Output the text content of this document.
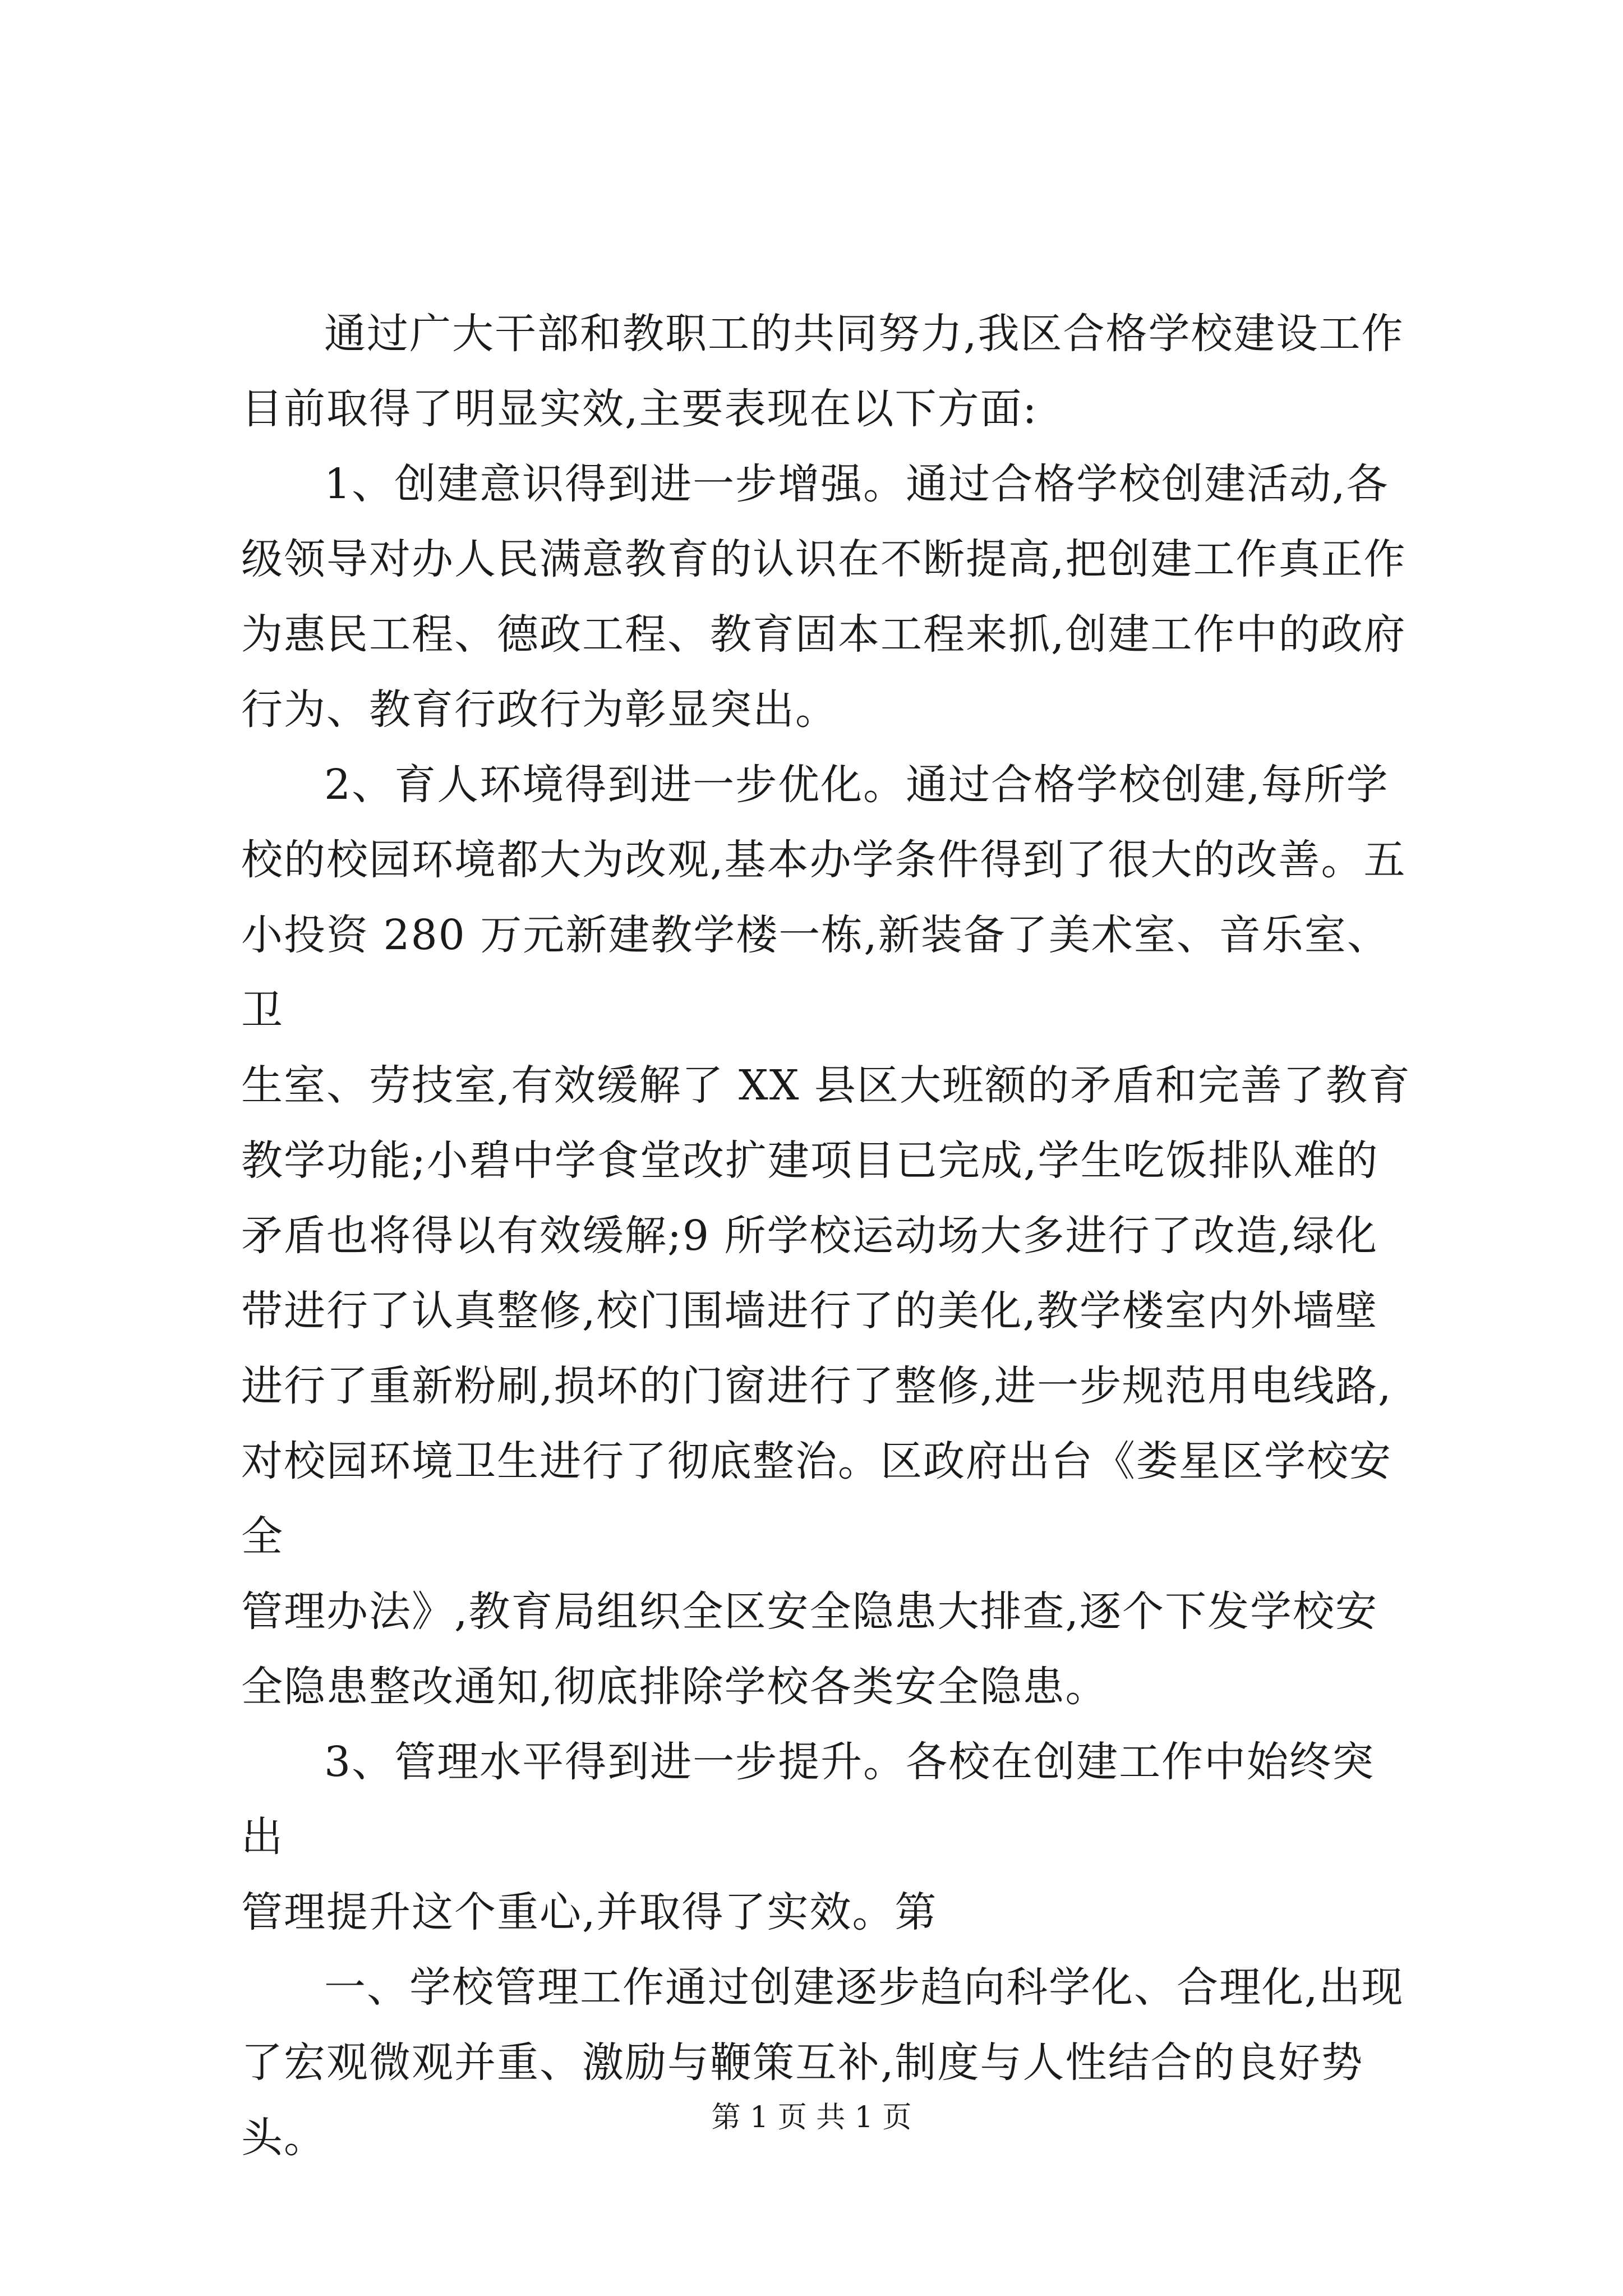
通过广大干部和教职工的共同努力,我区合格学校建设工作
目前取得了明显实效,主要表现在以下方面:

1、创建意识得到进一步增强。通过合格学校创建活动,各
级领导对办人民满意教育的认识在不断提高,把创建工作真正作
为惠民工程、德政工程、教育固本工程来抓,创建工作中的政府
行为、教育行政行为彰显突出。

2、育人环境得到进一步优化。通过合格学校创建,每所学
校的校园环境都大为改观,基本办学条件得到了很大的改善。五
小投资 280 万元新建教学楼一栋,新装备了美术室、音乐室、卫
生室、劳技室,有效缓解了 XX 县区大班额的矛盾和完善了教育
教学功能;小碧中学食堂改扩建项目已完成,学生吃饭排队难的
矛盾也将得以有效缓解;9 所学校运动场大多进行了改造,绿化
带进行了认真整修,校门围墙进行了的美化,教学楼室内外墙壁
进行了重新粉刷,损坏的门窗进行了整修,进一步规范用电线路,
对校园环境卫生进行了彻底整治。区政府出台《娄星区学校安全
管理办法》,教育局组织全区安全隐患大排查,逐个下发学校安
全隐患整改通知,彻底排除学校各类安全隐患。

3、管理水平得到进一步提升。各校在创建工作中始终突出
管理提升这个重心,并取得了实效。第

一、学校管理工作通过创建逐步趋向科学化、合理化,出现
了宏观微观并重、激励与鞭策互补,制度与人性结合的良好势头。	第 1 页 共 1 页
